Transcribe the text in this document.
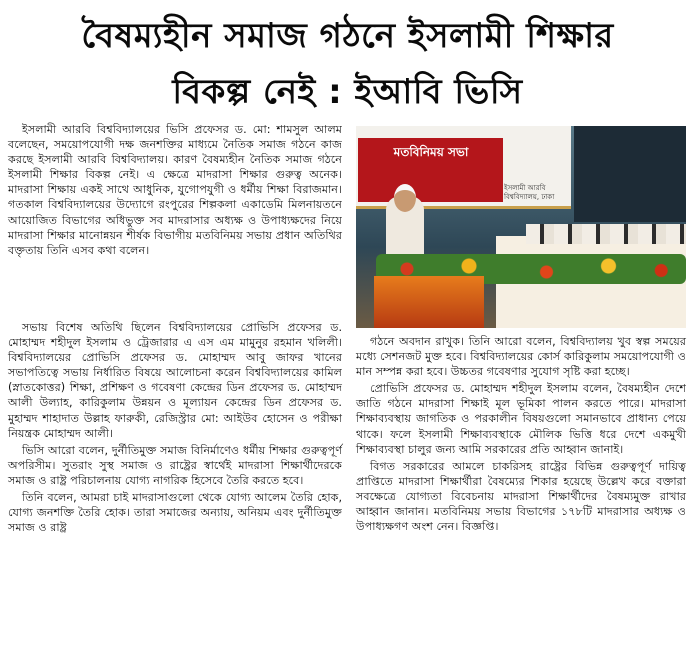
বৈষম্যহীন সমাজ গঠনে ইসলামী শিক্ষার
বিকল্প নেই : ইআবি ভিসি

ইসলামী আরবি বিশ্ববিদ্যালয়ের ভিসি প্রফেসর ড. মো: শামসুল আলম বলেছেন, সময়োপযোগী দক্ষ জনশক্তির মাধ্যমে নৈতিক সমাজ গঠনে কাজ করছে ইসলামী আরবি বিশ্ববিদ্যালয়। কারণ বৈষম্যহীন নৈতিক সমাজ গঠনে ইসলামী শিক্ষার বিকল্প নেই। এ ক্ষেত্রে মাদরাসা শিক্ষার গুরুত্ব অনেক। মাদরাসা শিক্ষায় একই সাথে আধুনিক, যুগোপযুগী ও ধর্মীয় শিক্ষা বিরাজমান। গতকাল বিশ্ববিদ্যালয়ের উদ্যোগে রংপুরের শিল্পকলা একাডেমি মিলনায়তনে আয়োজিত বিভাগের অধিভুক্ত সব মাদরাসার অধ্যক্ষ ও উপাধ্যক্ষদের নিয়ে মাদরাসা শিক্ষার মানোন্নয়ন শীর্ষক বিভাগীয় মতবিনিময় সভায় প্রধান অতিথির বক্তৃতায় তিনি এসব কথা বলেন।

মতবিনিময় সভা
ইসলামী আরবি বিশ্ববিদ্যালয়, ঢাকা

সভায় বিশেষ অতিথি ছিলেন বিশ্ববিদ্যালয়ের প্রোভিসি প্রফেসর ড. মোহাম্মদ শহীদুল ইসলাম ও ট্রেজারার এ এস এম মামুনুর রহমান খলিলী। বিশ্ববিদ্যালয়ের প্রোভিসি প্রফেসর ড. মোহাম্মদ আবু জাফর খানের সভাপতিত্বে সভায় নির্ধারিত বিষয়ে আলোচনা করেন বিশ্ববিদ্যালয়ের কামিল (স্নাতকোত্তর) শিক্ষা, প্রশিক্ষণ ও গবেষণা কেন্দ্রের ডিন প্রফেসর ড. মোহাম্মদ আলী উল্যাহ, কারিকুলাম উন্নয়ন ও মূল্যায়ন কেন্দ্রের ডিন প্রফেসর ড. মুহাম্মদ শাহাদাত উল্লাহ ফারুকী, রেজিস্ট্রার মো: আইউব হোসেন ও পরীক্ষা নিয়ন্ত্রক মোহাম্মদ আলী।

ভিসি আরো বলেন, দুর্নীতিমুক্ত সমাজ বিনির্মাণেও ধর্মীয় শিক্ষার গুরুত্বপূর্ণ অপরিসীম। সুতরাং সুস্থ সমাজ ও রাষ্ট্রের স্বার্থেই মাদরাসা শিক্ষার্থীদেরকে সমাজ ও রাষ্ট্র পরিচালনায় যোগ্য নাগরিক হিসেবে তৈরি করতে হবে।

তিনি বলেন, আমরা চাই মাদরাসাগুলো থেকে যোগ্য আলেম তৈরি হোক, যোগ্য জনশক্তি তৈরি হোক। তারা সমাজের অন্যায়, অনিয়ম এবং দুর্নীতিমুক্ত সমাজ ও রাষ্ট্র

গঠনে অবদান রাখুক। তিনি আরো বলেন, বিশ্ববিদ্যালয় খুব স্বল্প সময়ের মধ্যে সেশনজট মুক্ত হবে। বিশ্ববিদ্যালয়ের কোর্স কারিকুলাম সময়োপযোগী ও মান সম্পন্ন করা হবে। উচ্চতর গবেষণার সুযোগ সৃষ্টি করা হচ্ছে।

প্রোভিসি প্রফেসর ড. মোহাম্মদ শহীদুল ইসলাম বলেন, বৈষম্যহীন দেশে জাতি গঠনে মাদরাসা শিক্ষাই মূল ভূমিকা পালন করতে পারে। মাদরাসা শিক্ষাব্যবস্থায় জাগতিক ও পরকালীন বিষয়গুলো সমানভাবে প্রাধান্য পেয়ে থাকে। ফলে ইসলামী শিক্ষাব্যবস্থাকে মৌলিক ভিত্তি ধরে দেশে একমুখী শিক্ষাব্যবস্থা চালুর জন্য আমি সরকারের প্রতি আহ্বান জানাই।

বিগত সরকারের আমলে চাকরিসহ রাষ্ট্রের বিভিন্ন গুরুত্বপূর্ণ দায়িত্ব প্রাপ্তিতে মাদরাসা শিক্ষার্থীরা বৈষম্যের শিকার হয়েছে উল্লেখ করে বক্তারা সবক্ষেত্রে যোগ্যতা বিবেচনায় মাদরাসা শিক্ষার্থীদের বৈষম্যমুক্ত রাখার আহ্বান জানান। মতবিনিময় সভায় বিভাগের ১৭৮টি মাদরাসার অধ্যক্ষ ও উপাধ্যক্ষগণ অংশ নেন। বিজ্ঞপ্তি।
